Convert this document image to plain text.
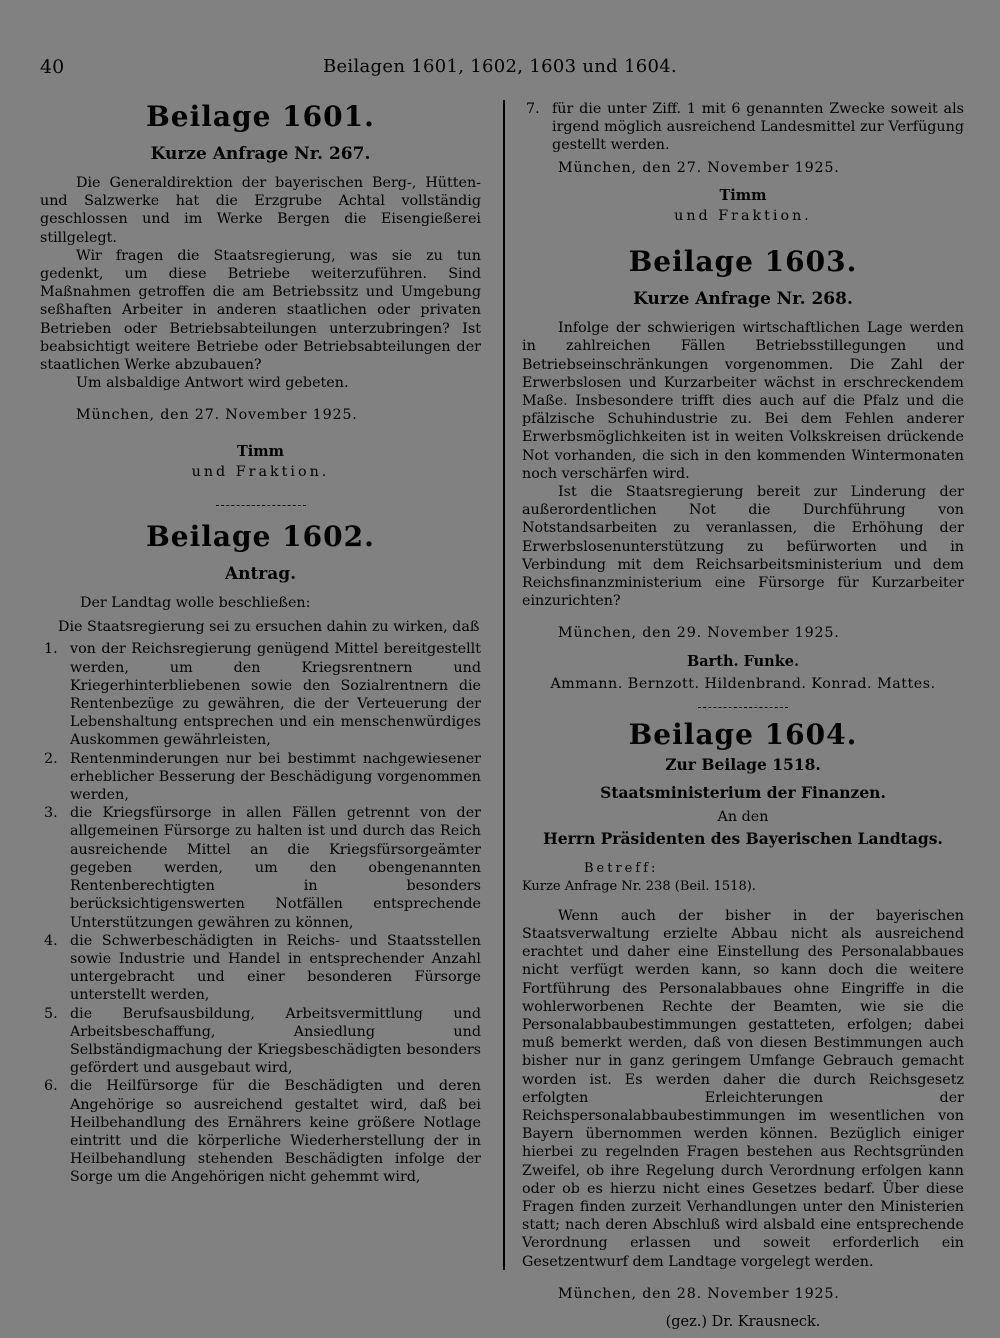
40	Beilagen 1601, 1602, 1603 und 1604.
Beilage 1601.
Kurze Anfrage Nr. 267.

Die Generaldirektion der bayerischen Berg-, Hütten- und Salzwerke hat die Erzgrube Achtal vollständig geschlossen und im Werke Bergen die Eisengießerei stillgelegt.

Wir fragen die Staatsregierung, was sie zu tun gedenkt, um diese Betriebe weiterzuführen. Sind Maßnahmen getroffen die am Betriebssitz und Umgebung seßhaften Arbeiter in anderen staatlichen oder privaten Betrieben oder Betriebsabteilungen unterzubringen? Ist beabsichtigt weitere Betriebe oder Betriebsabteilungen der staatlichen Werke abzubauen?

Um alsbaldige Antwort wird gebeten.

München, den 27. November 1925.
Timm
und Fraktion.
Beilage 1602.
Antrag.

Der Landtag wolle beschließen:

Die Staatsregierung sei zu ersuchen dahin zu wirken, daß

1. von der Reichsregierung genügend Mittel bereitgestellt werden, um den Kriegsrentnern und Kriegerhinterbliebenen sowie den Sozialrentnern die Rentenbezüge zu gewähren, die der Verteuerung der Lebenshaltung entsprechen und ein menschenwürdiges Auskommen gewährleisten,
2. Rentenminderungen nur bei bestimmt nachgewiesener erheblicher Besserung der Beschädigung vorgenommen werden,
3. die Kriegsfürsorge in allen Fällen getrennt von der allgemeinen Fürsorge zu halten ist und durch das Reich ausreichende Mittel an die Kriegsfürsorgeämter gegeben werden, um den obengenannten Rentenberechtigten in besonders berücksichtigenswerten Notfällen entsprechende Unterstützungen gewähren zu können,
4. die Schwerbeschädigten in Reichs- und Staatsstellen sowie Industrie und Handel in entsprechender Anzahl untergebracht und einer besonderen Fürsorge unterstellt werden,
5. die Berufsausbildung, Arbeitsvermittlung und Arbeitsbeschaffung, Ansiedlung und Selbständigmachung der Kriegsbeschädigten besonders gefördert und ausgebaut wird,
6. die Heilfürsorge für die Beschädigten und deren Angehörige so ausreichend gestaltet wird, daß bei Heilbehandlung des Ernährers keine größere Notlage eintritt und die körperliche Wiederherstellung der in Heilbehandlung stehenden Beschädigten infolge der Sorge um die Angehörigen nicht gehemmt wird,
7. für die unter Ziff. 1 mit 6 genannten Zwecke soweit als irgend möglich ausreichend Landesmittel zur Verfügung gestellt werden.
München, den 27. November 1925.
Timm
und Fraktion.
Beilage 1603.
Kurze Anfrage Nr. 268.

Infolge der schwierigen wirtschaftlichen Lage werden in zahlreichen Fällen Betriebsstillegungen und Betriebseinschränkungen vorgenommen. Die Zahl der Erwerbslosen und Kurzarbeiter wächst in erschreckendem Maße. Insbesondere trifft dies auch auf die Pfalz und die pfälzische Schuhindustrie zu. Bei dem Fehlen anderer Erwerbsmöglichkeiten ist in weiten Volkskreisen drückende Not vorhanden, die sich in den kommenden Wintermonaten noch verschärfen wird.

Ist die Staatsregierung bereit zur Linderung der außerordentlichen Not die Durchführung von Notstandsarbeiten zu veranlassen, die Erhöhung der Erwerbslosenunterstützung zu befürworten und in Verbindung mit dem Reichsarbeitsministerium und dem Reichsfinanzministerium eine Fürsorge für Kurzarbeiter einzurichten?

München, den 29. November 1925.
Barth. Funke.
Ammann. Bernzott. Hildenbrand. Konrad. Mattes.
Beilage 1604.
Zur Beilage 1518.
Staatsministerium der Finanzen.
An den
Herrn Präsidenten des Bayerischen Landtags.
Betreff:
Kurze Anfrage Nr. 238 (Beil. 1518).

Wenn auch der bisher in der bayerischen Staatsverwaltung erzielte Abbau nicht als ausreichend erachtet und daher eine Einstellung des Personalabbaues nicht verfügt werden kann, so kann doch die weitere Fortführung des Personalabbaues ohne Eingriffe in die wohlerworbenen Rechte der Beamten, wie sie die Personalabbaubestimmungen gestatteten, erfolgen; dabei muß bemerkt werden, daß von diesen Bestimmungen auch bisher nur in ganz geringem Umfange Gebrauch gemacht worden ist. Es werden daher die durch Reichsgesetz erfolgten Erleichterungen der Reichspersonalabbaubestimmungen im wesentlichen von Bayern übernommen werden können. Bezüglich einiger hierbei zu regelnden Fragen bestehen aus Rechtsgründen Zweifel, ob ihre Regelung durch Verordnung erfolgen kann oder ob es hierzu nicht eines Gesetzes bedarf. Über diese Fragen finden zurzeit Verhandlungen unter den Ministerien statt; nach deren Abschluß wird alsbald eine entsprechende Verordnung erlassen und soweit erforderlich ein Gesetzentwurf dem Landtage vorgelegt werden.

München, den 28. November 1925.
(gez.) Dr. Krausneck.
